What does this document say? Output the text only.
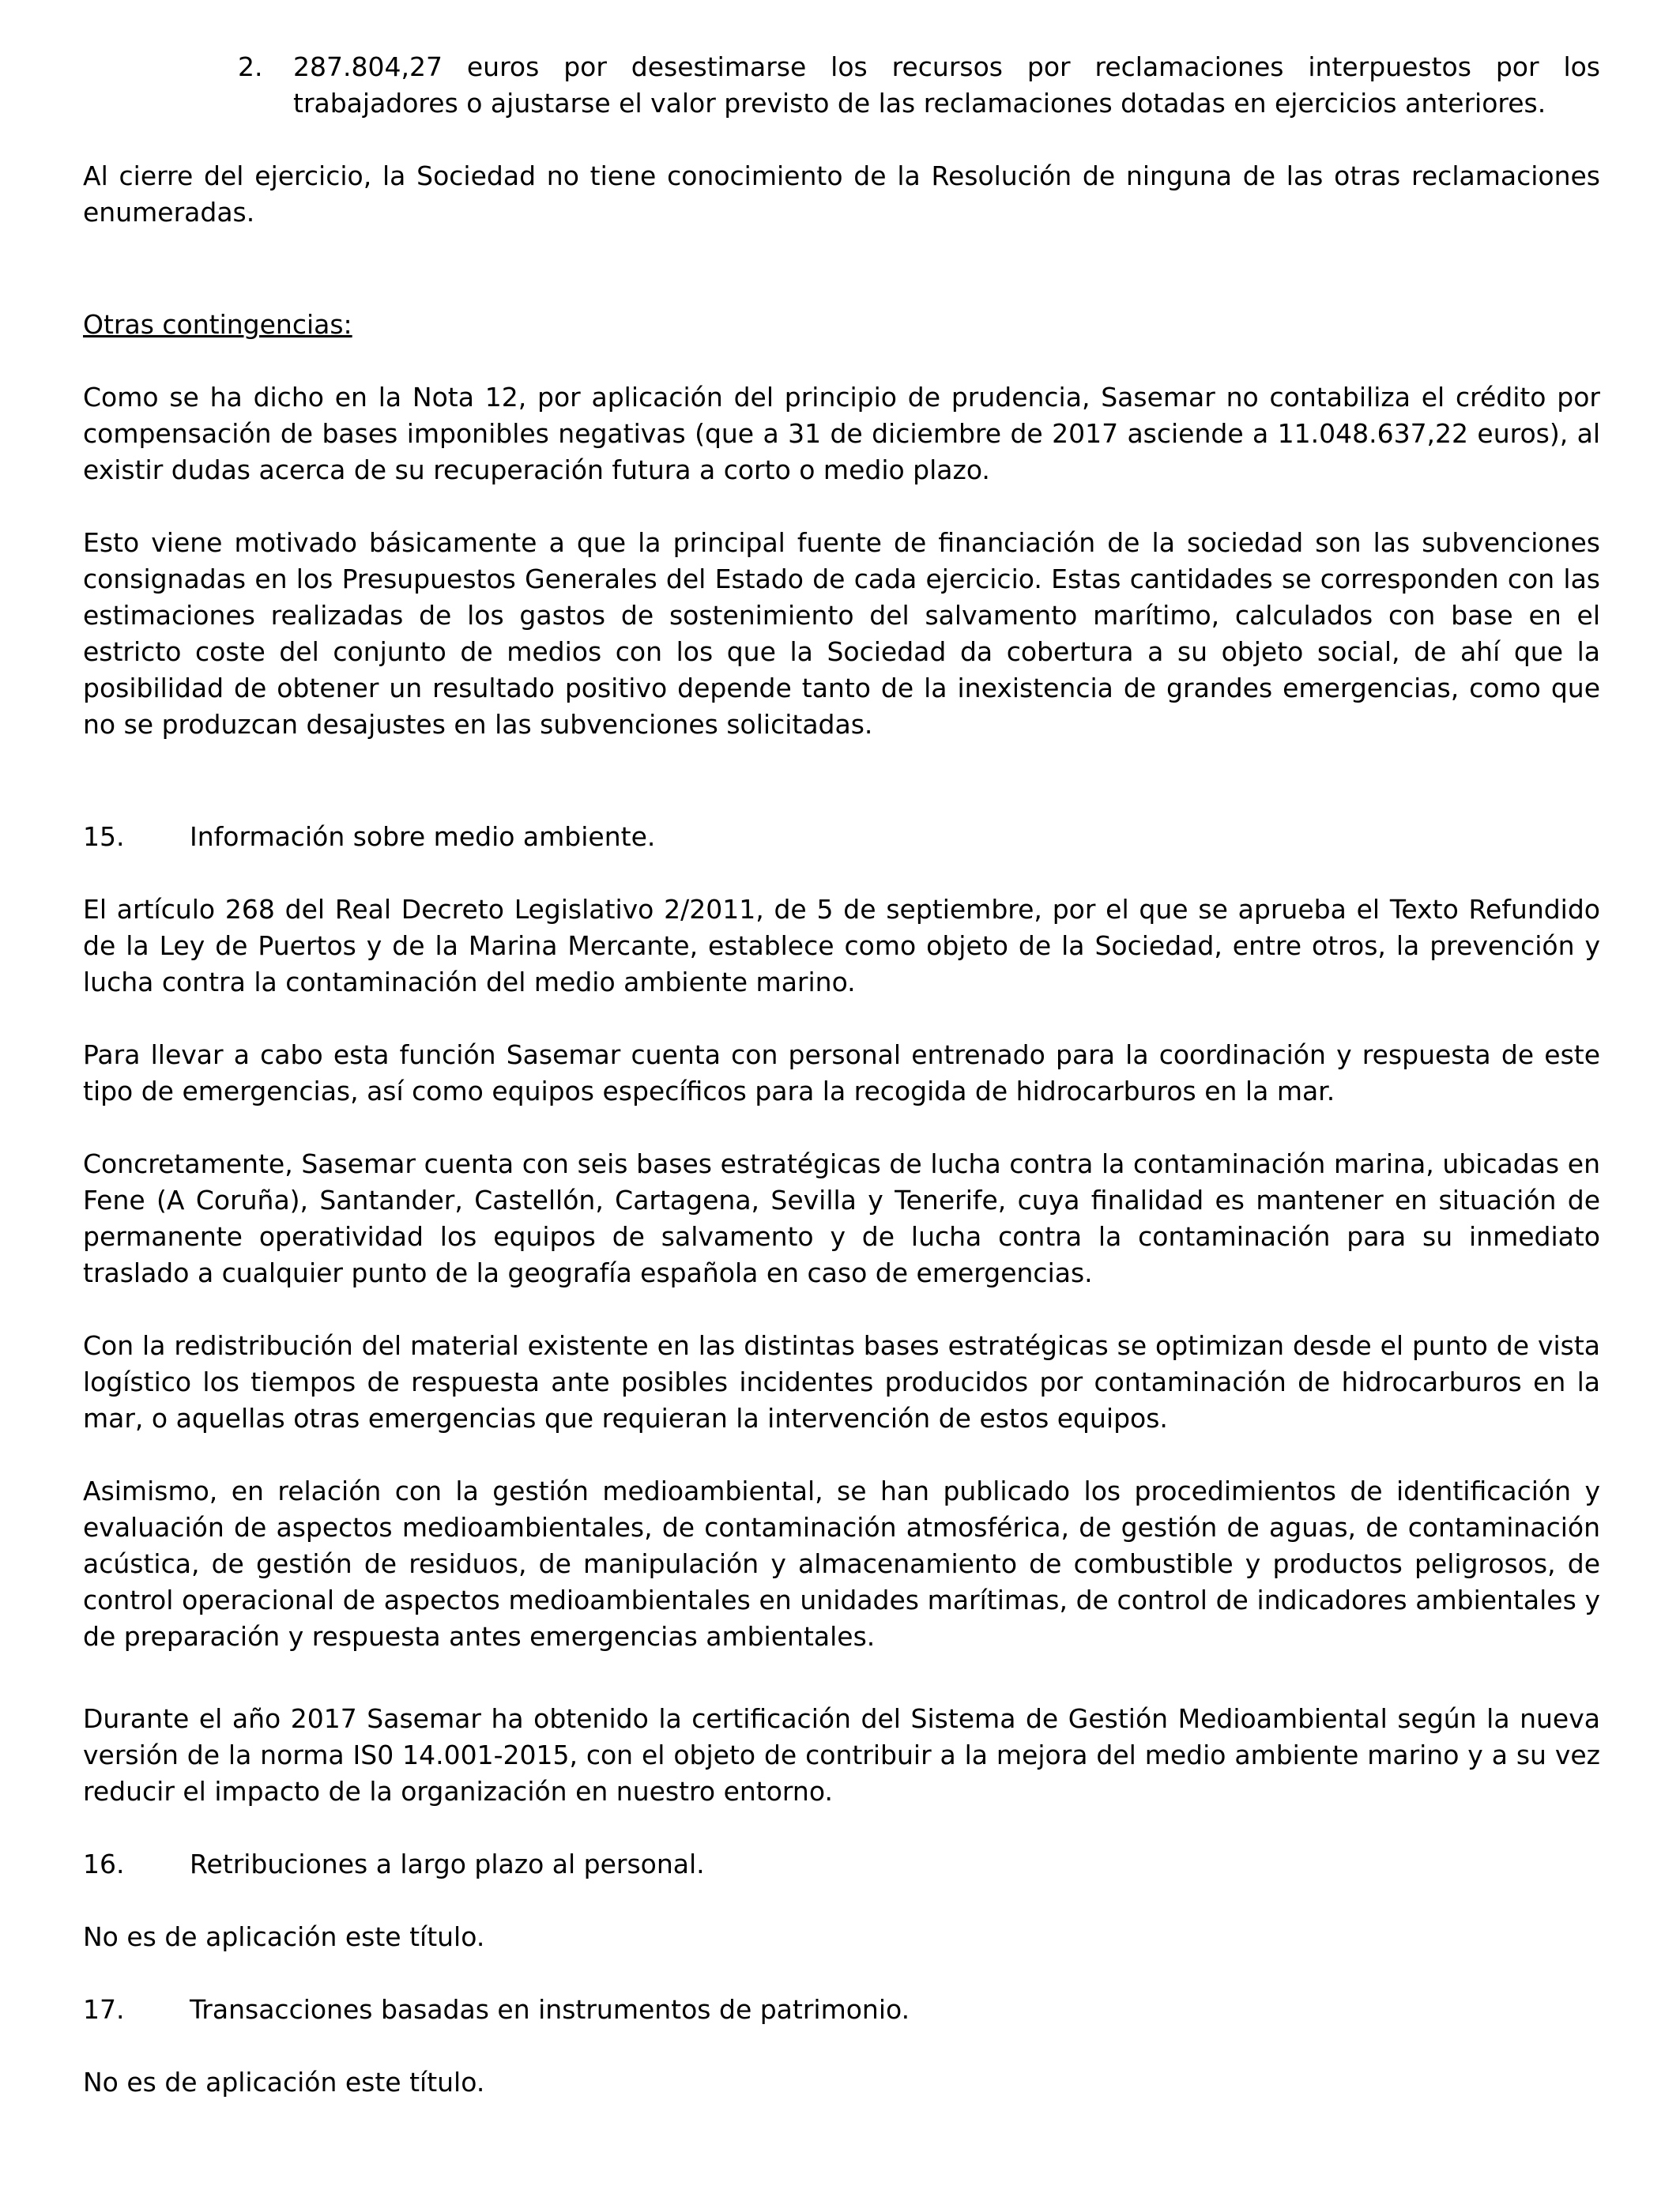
2.	287.804,27 euros por desestimarse los recursos por reclamaciones interpuestos por los trabajadores o ajustarse el valor previsto de las reclamaciones dotadas en ejercicios anteriores.

Al cierre del ejercicio, la Sociedad no tiene conocimiento de la Resolución de ninguna de las otras reclamaciones enumeradas.

Otras contingencias:

Como se ha dicho en la Nota 12, por aplicación del principio de prudencia, Sasemar no contabiliza el crédito por compensación de bases imponibles negativas (que a 31 de diciembre de 2017 asciende a 11.048.637,22 euros), al existir dudas acerca de su recuperación futura a corto o medio plazo.

Esto viene motivado básicamente a que la principal fuente de financiación de la sociedad son las subvenciones consignadas en los Presupuestos Generales del Estado de cada ejercicio. Estas cantidades se corresponden con las estimaciones realizadas de los gastos de sostenimiento del salvamento marítimo, calculados con base en el estricto coste del conjunto de medios con los que la Sociedad da cobertura a su objeto social, de ahí que la posibilidad de obtener un resultado positivo depende tanto de la inexistencia de grandes emergencias, como que no se produzcan desajustes en las subvenciones solicitadas.

15.	Información sobre medio ambiente.

El artículo 268 del Real Decreto Legislativo 2/2011, de 5 de septiembre, por el que se aprueba el Texto Refundido de la Ley de Puertos y de la Marina Mercante, establece como objeto de la Sociedad, entre otros, la prevención y lucha contra la contaminación del medio ambiente marino.

Para llevar a cabo esta función Sasemar cuenta con personal entrenado para la coordinación y respuesta de este tipo de emergencias, así como equipos específicos para la recogida de hidrocarburos en la mar.

Concretamente, Sasemar cuenta con seis bases estratégicas de lucha contra la contaminación marina, ubicadas en Fene (A Coruña), Santander, Castellón, Cartagena, Sevilla y Tenerife, cuya finalidad es mantener en situación de permanente operatividad los equipos de salvamento y de lucha contra la contaminación para su inmediato traslado a cualquier punto de la geografía española en caso de emergencias.

Con la redistribución del material existente en las distintas bases estratégicas se optimizan desde el punto de vista logístico los tiempos de respuesta ante posibles incidentes producidos por contaminación de hidrocarburos en la mar, o aquellas otras emergencias que requieran la intervención de estos equipos.

Asimismo, en relación con la gestión medioambiental, se han publicado los procedimientos de identificación y evaluación de aspectos medioambientales, de contaminación atmosférica, de gestión de aguas, de contaminación acústica, de gestión de residuos, de manipulación y almacenamiento de combustible y productos peligrosos, de control operacional de aspectos medioambientales en unidades marítimas, de control de indicadores ambientales y de preparación y respuesta antes emergencias ambientales.

Durante el año 2017 Sasemar ha obtenido la certificación del Sistema de Gestión Medioambiental según la nueva versión de la norma IS0 14.001-2015, con el objeto de contribuir a la mejora del medio ambiente marino y a su vez reducir el impacto de la organización en nuestro entorno.

16.	Retribuciones a largo plazo al personal.

No es de aplicación este título.

17.	Transacciones basadas en instrumentos de patrimonio.

No es de aplicación este título.
